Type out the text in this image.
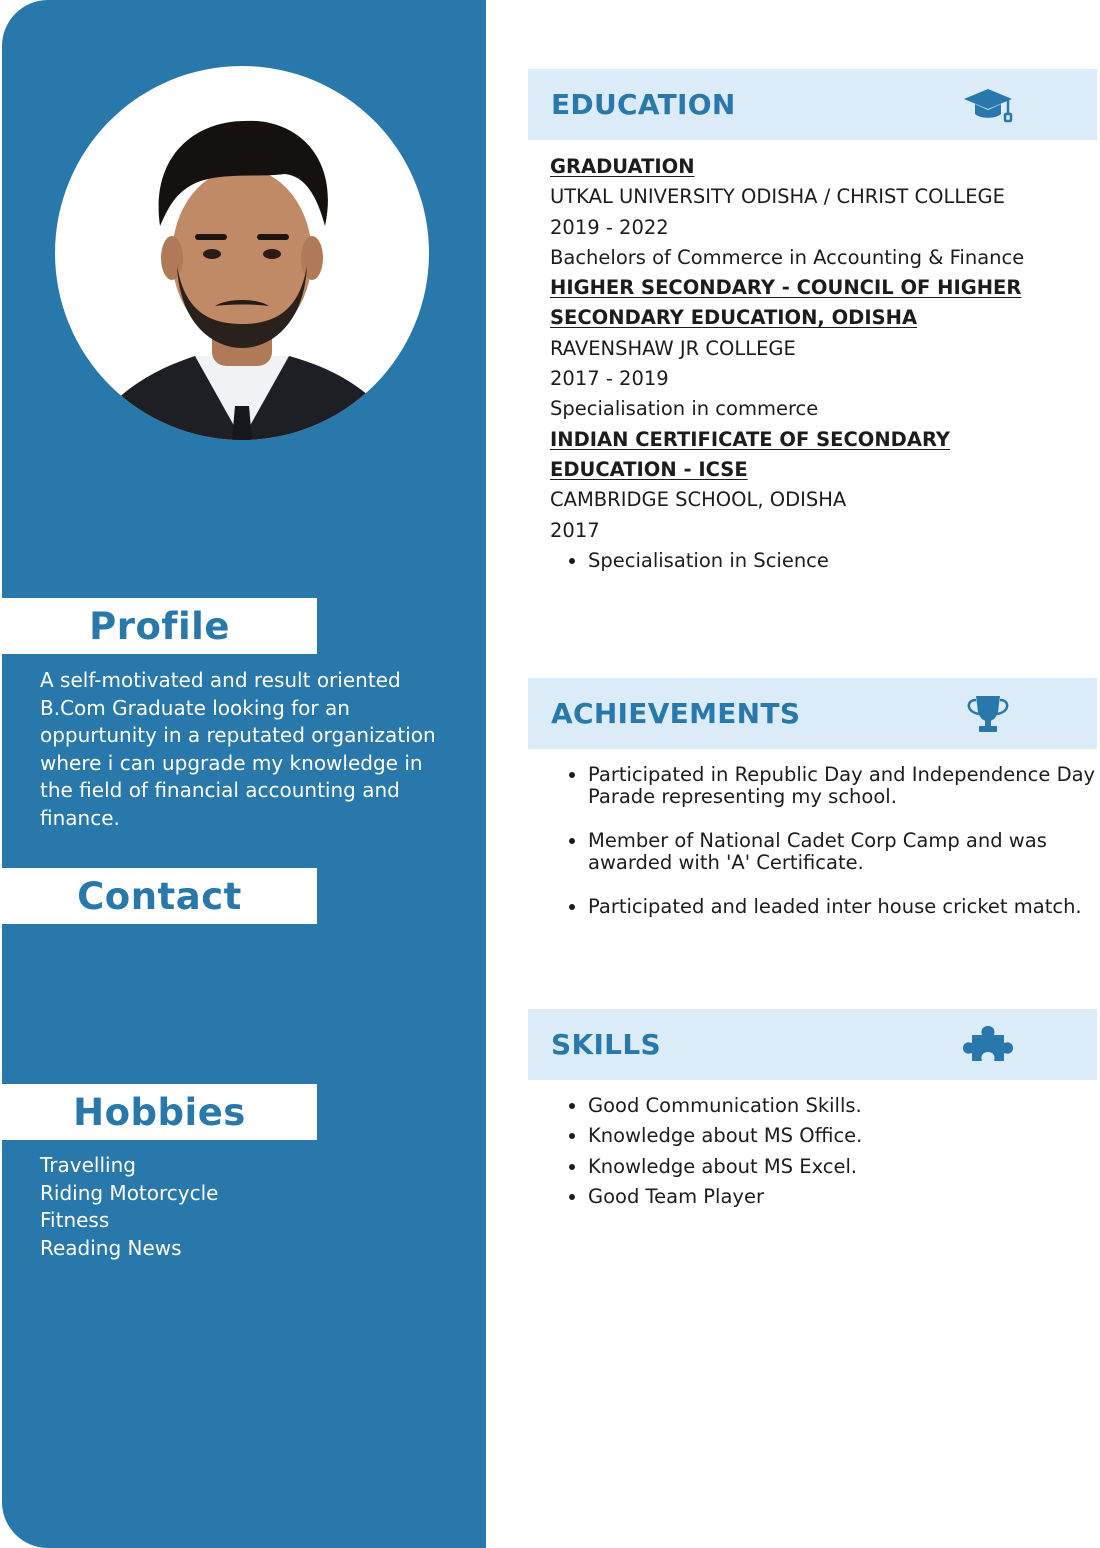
Profile

A self-motivated and result oriented B.Com Graduate looking for an oppurtunity in a reputated organization where i can upgrade my knowledge in the field of financial accounting and finance.

Contact
Hobbies
Travelling
Riding Motorcycle
Fitness
Reading News
EDUCATION
GRADUATION
UTKAL UNIVERSITY ODISHA / CHRIST COLLEGE
2019 - 2022
Bachelors of Commerce in Accounting & Finance
HIGHER SECONDARY - COUNCIL OF HIGHER SECONDARY EDUCATION, ODISHA
RAVENSHAW JR COLLEGE
2017 - 2019
Specialisation in commerce
INDIAN CERTIFICATE OF SECONDARY EDUCATION - ICSE
CAMBRIDGE SCHOOL, ODISHA
2017
• Specialisation in Science
ACHIEVEMENTS
• Participated in Republic Day and Independence Day Parade representing my school.
• Member of National Cadet Corp Camp and was awarded with 'A' Certificate.
• Participated and leaded inter house cricket match.
SKILLS
• Good Communication Skills.
• Knowledge about MS Office.
• Knowledge about MS Excel.
• Good Team Player
